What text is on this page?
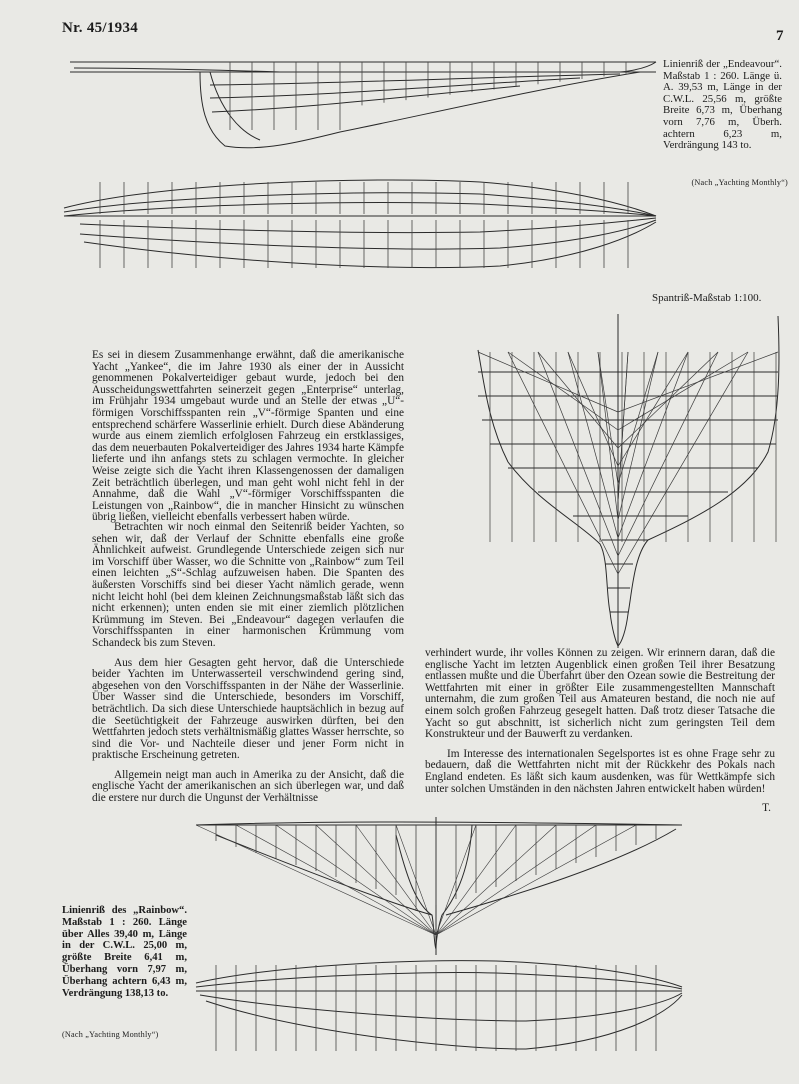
Nr. 45/1934	7
Linienriß der „Endeavour“. Maßstab 1 : 260. Länge ü. A. 39,53 m, Länge in der C.W.L. 25,56 m, größte Breite 6,73 m, Überhang vorn 7,76 m, Überh. achtern 6,23 m, Verdrängung 143 to.
(Nach „Yachting Monthly“)
Spantriß-Maßstab 1:100.

Es sei in diesem Zusammenhange erwähnt, daß die amerikanische Yacht „Yankee“, die im Jahre 1930 als einer der in Aussicht genommenen Pokalverteidiger gebaut wurde, jedoch bei den Ausscheidungswettfahrten seinerzeit gegen „Enterprise“ unterlag, im Frühjahr 1934 umgebaut wurde und an Stelle der etwas „U“-förmigen Vorschiffsspanten rein „V“-förmige Spanten und eine entsprechend schärfere Wasserlinie erhielt. Durch diese Abänderung wurde aus einem ziemlich erfolglosen Fahrzeug ein erstklassiges, das dem neuerbauten Pokalverteidiger des Jahres 1934 harte Kämpfe lieferte und ihn anfangs stets zu schlagen vermochte. In gleicher Weise zeigte sich die Yacht ihren Klassengenossen der damaligen Zeit beträchtlich überlegen, und man geht wohl nicht fehl in der Annahme, daß die Wahl „V“-förmiger Vorschiffsspanten die Leistungen von „Rainbow“, die in mancher Hinsicht zu wünschen übrig ließen, vielleicht ebenfalls verbessert haben würde.

Betrachten wir noch einmal den Seitenriß beider Yachten, so sehen wir, daß der Verlauf der Schnitte ebenfalls eine große Ähnlichkeit aufweist. Grundlegende Unterschiede zeigen sich nur im Vorschiff über Wasser, wo die Schnitte von „Rainbow“ zum Teil einen leichten „S“-Schlag aufzuweisen haben. Die Spanten des äußersten Vorschiffs sind bei dieser Yacht nämlich gerade, wenn nicht leicht hohl (bei dem kleinen Zeichnungsmaßstab läßt sich das nicht erkennen); unten enden sie mit einer ziemlich plötzlichen Krümmung im Steven. Bei „Endeavour“ dagegen verlaufen die Vorschiffsspanten in einer harmonischen Krümmung vom Schandeck bis zum Steven.

Aus dem hier Gesagten geht hervor, daß die Unterschiede beider Yachten im Unterwasserteil verschwindend gering sind, abgesehen von den Vorschiffsspanten in der Nähe der Wasserlinie. Über Wasser sind die Unterschiede, besonders im Vorschiff, beträchtlich. Da sich diese Unterschiede hauptsächlich in bezug auf die Seetüchtigkeit der Fahrzeuge auswirken dürften, bei den Wettfahrten jedoch stets verhältnismäßig glattes Wasser herrschte, so sind die Vor- und Nachteile dieser und jener Form nicht in praktische Erscheinung getreten.

Allgemein neigt man auch in Amerika zu der Ansicht, daß die englische Yacht der amerikanischen an sich überlegen war, und daß die erstere nur durch die Ungunst der Verhältnisse

verhindert wurde, ihr volles Können zu zeigen. Wir erinnern daran, daß die englische Yacht im letzten Augenblick einen großen Teil ihrer Besatzung entlassen mußte und die Überfahrt über den Ozean sowie die Bestreitung der Wettfahrten mit einer in größter Eile zusammengestellten Mannschaft unternahm, die zum großen Teil aus Amateuren bestand, die noch nie auf einem solch großen Fahrzeug gesegelt hatten. Daß trotz dieser Tatsache die Yacht so gut abschnitt, ist sicherlich nicht zum geringsten Teil dem Konstrukteur und der Bauwerft zu verdanken.

Im Interesse des internationalen Segelsportes ist es ohne Frage sehr zu bedauern, daß die Wettfahrten nicht mit der Rückkehr des Pokals nach England endeten. Es läßt sich kaum ausdenken, was für Wettkämpfe sich unter solchen Umständen in den nächsten Jahren entwickelt haben würden!

T.
Linienriß des „Rainbow“. Maßstab 1 : 260. Länge über Alles 39,40 m, Länge in der C.W.L. 25,00 m, größte Breite 6,41 m, Überhang vorn 7,97 m, Überhang achtern 6,43 m, Verdrängung 138,13 to.
(Nach „Yachting Monthly“)
